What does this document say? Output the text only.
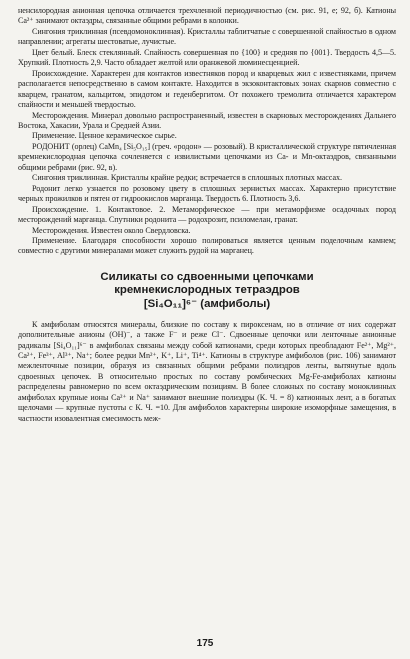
ненсилородная анионная цепочка отличается трехчленной периодичностью (см. рис. 91, е; 92, б). Катионы Ca²⁺ занимают октаэдры, связанные общими ребрами в колонки.

Сингония триклинная (псевдомоноклинная). Кристаллы таблитчатые с совершенной спайностью в одном направлении; агрегаты шестоватые, лучистые.

Цвет белый. Блеск стеклянный. Спайность совершенная по {100} и средняя по {001}. Твердость 4,5—5. Хрупкий. Плотность 2,9. Часто обладает желтой или оранжевой люминесценцией.

Происхождение. Характерен для контактов известняков пород и кварцевых жил с известняками, причем располагается непосредственно в самом контакте. Находится в экзоконтактовых зонах скарнов совместно с кварцем, гранатом, кальцитом, эпидотом и геденбергитом. От похожего тремолита отличается характером спайности и меньшей твердостью.

Месторождения. Минерал довольно распространенный, известен в скарновых месторождениях Дальнего Востока, Хакасии, Урала и Средней Азии.

Применение. Ценное керамическое сырье.

РОДОНИТ (орлец) CaMn₄ [Si₅O₁₅] (греч. «родон» — розовый). В кристаллической структуре пятичленная кремнекислородная цепочка сочленяется с извилистыми цепочками из Ca- и Mn-октаэдров, связанными общими ребрами (рис. 92, в).

Сингония триклинная. Кристаллы крайне редки; встречается в сплошных плотных массах.

Родонит легко узнается по розовому цвету в сплошных зернистых массах. Характерно присутствие черных прожилков и пятен от гидроокислов марганца. Твердость 6. Плотность 3,6.

Происхождение. 1. Контактовое. 2. Метаморфическое — при метаморфизме осадочных пород месторождений марганца. Спутники родонита — родохрозит, псиломелан, гранат.

Месторождения. Известен около Свердловска.

Применение. Благодаря способности хорошо полироваться является ценным поделочным камнем; совместно с другими минералами может служить рудой на марганец.

Силикаты со сдвоенными цепочками
кремнекислородных тетраэдров
[Si₄O₁₁]⁶⁻ (амфиболы)

К амфиболам относятся минералы, близкие по составу к пироксенам, но в отличие от них содержат дополнительные анионы (OH)⁻, а также F⁻ и реже Cl⁻. Сдвоенные цепочки или ленточные анионные радикалы [Si₄O₁₁]⁶⁻ в амфиболах связаны между собой катионами, среди которых преобладают Fe²⁺, Mg²⁺, Ca²⁺, Fe³⁺, Al³⁺, Na⁺; более редки Mn²⁺, K⁺, Li⁺, Ti⁴⁺. Катионы в структуре амфиболов (рис. 106) занимают межленточные позиции, образуя из связанных общими ребрами полиэдров ленты, вытянутые вдоль сдвоенных цепочек. В относительно простых по составу ромбических Mg-Fe-амфиболах катионы распределены равномерно по всем октаэдрическим позициям. В более сложных по составу моноклинных амфиболах крупные ионы Ca²⁺ и Na⁺ занимают внешние полиэдры (К. Ч. = 8) катионных лент, а в богатых щелочами — крупные пустоты с К. Ч. =10. Для амфиболов характерны широкие изоморфные замещения, в частности изовалентная смесимость меж-

175
